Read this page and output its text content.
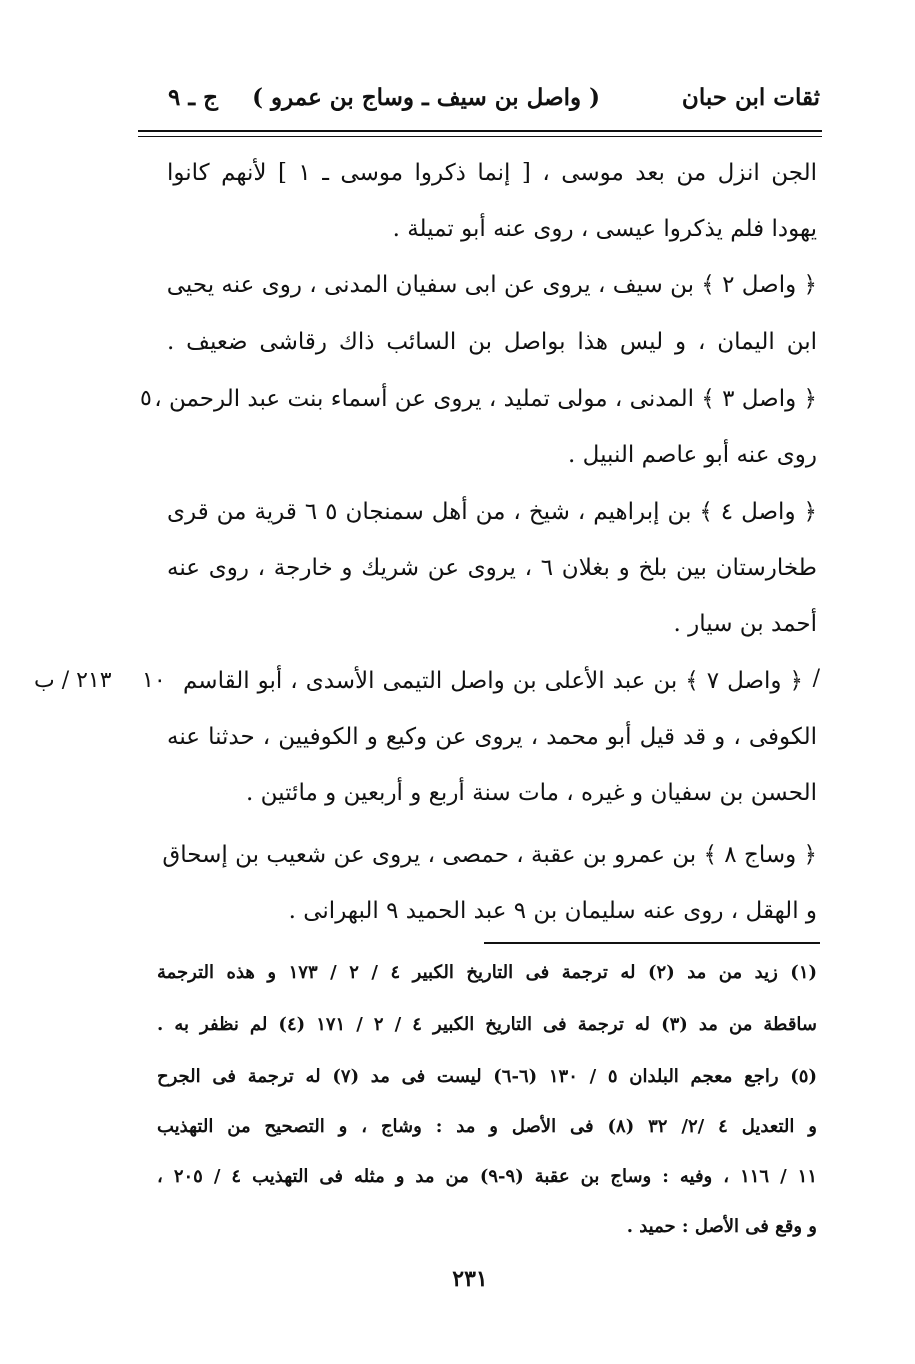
ثقات ابن حبان
( واصل بن سيف ـ وساج بن عمرو )
ج ـ ٩
الجن انزل من بعد موسى ، [ إنما ذكروا موسى ـ ١ ] لأنهم كانوا
يهودا فلم يذكروا عيسى ، روى عنه أبو تميلة .
﴿ واصل ٢ ﴾ بن سيف ، يروى عن ابى سفيان المدنى ، روى عنه يحيى
ابن اليمان ، و ليس هذا بواصل بن السائب ذاك رقاشى ضعيف .
﴿ واصل ٣ ﴾ المدنى ، مولى تمليد ، يروى عن أسماء بنت عبد الرحمن ،
٥
روى عنه أبو عاصم النبيل .
﴿ واصل ٤ ﴾ بن إبراهيم ، شيخ ، من أهل سمنجان ٥ ٦ قرية من قرى
طخارستان بين بلخ و بغلان ٦ ، يروى عن شريك و خارجة ، روى عنه
أحمد بن سيار .
﴿ واصل ٧ ﴾ بن عبد الأعلى بن واصل التيمى الأسدى ، أبو القاسم /
١٠
٢١٣ / ب
الكوفى ، و قد قيل أبو محمد ، يروى عن وكيع و الكوفيين ، حدثنا عنه
الحسن بن سفيان و غيره ، مات سنة أربع و أربعين و مائتين .
﴿ وساج ٨ ﴾ بن عمرو بن عقبة ، حمصى ، يروى عن شعيب بن إسحاق
و الهقل ، روى عنه سليمان بن ٩ عبد الحميد ٩ البهرانى .
(١) زيد من مد (٢) له ترجمة فى التاريخ الكبير ٤ / ٢ / ١٧٣ و هذه الترجمة
ساقطة من مد (٣) له ترجمة فى التاريخ الكبير ٤ / ٢ / ١٧١ (٤) لم نظفر به .
(٥) راجع معجم البلدان ٥ / ١٣٠ (٦-٦) ليست فى مد (٧) له ترجمة فى الجرح
و التعديل ٤ /٢/ ٣٢ (٨) فى الأصل و مد : وشاج ، و التصحيح من التهذيب
١١ / ١١٦ ، وفيه : وساج بن عقبة (٩-٩) من مد و مثله فى التهذيب ٤ / ٢٠٥ ،
و وقع فى الأصل : حميد .
٢٣١
